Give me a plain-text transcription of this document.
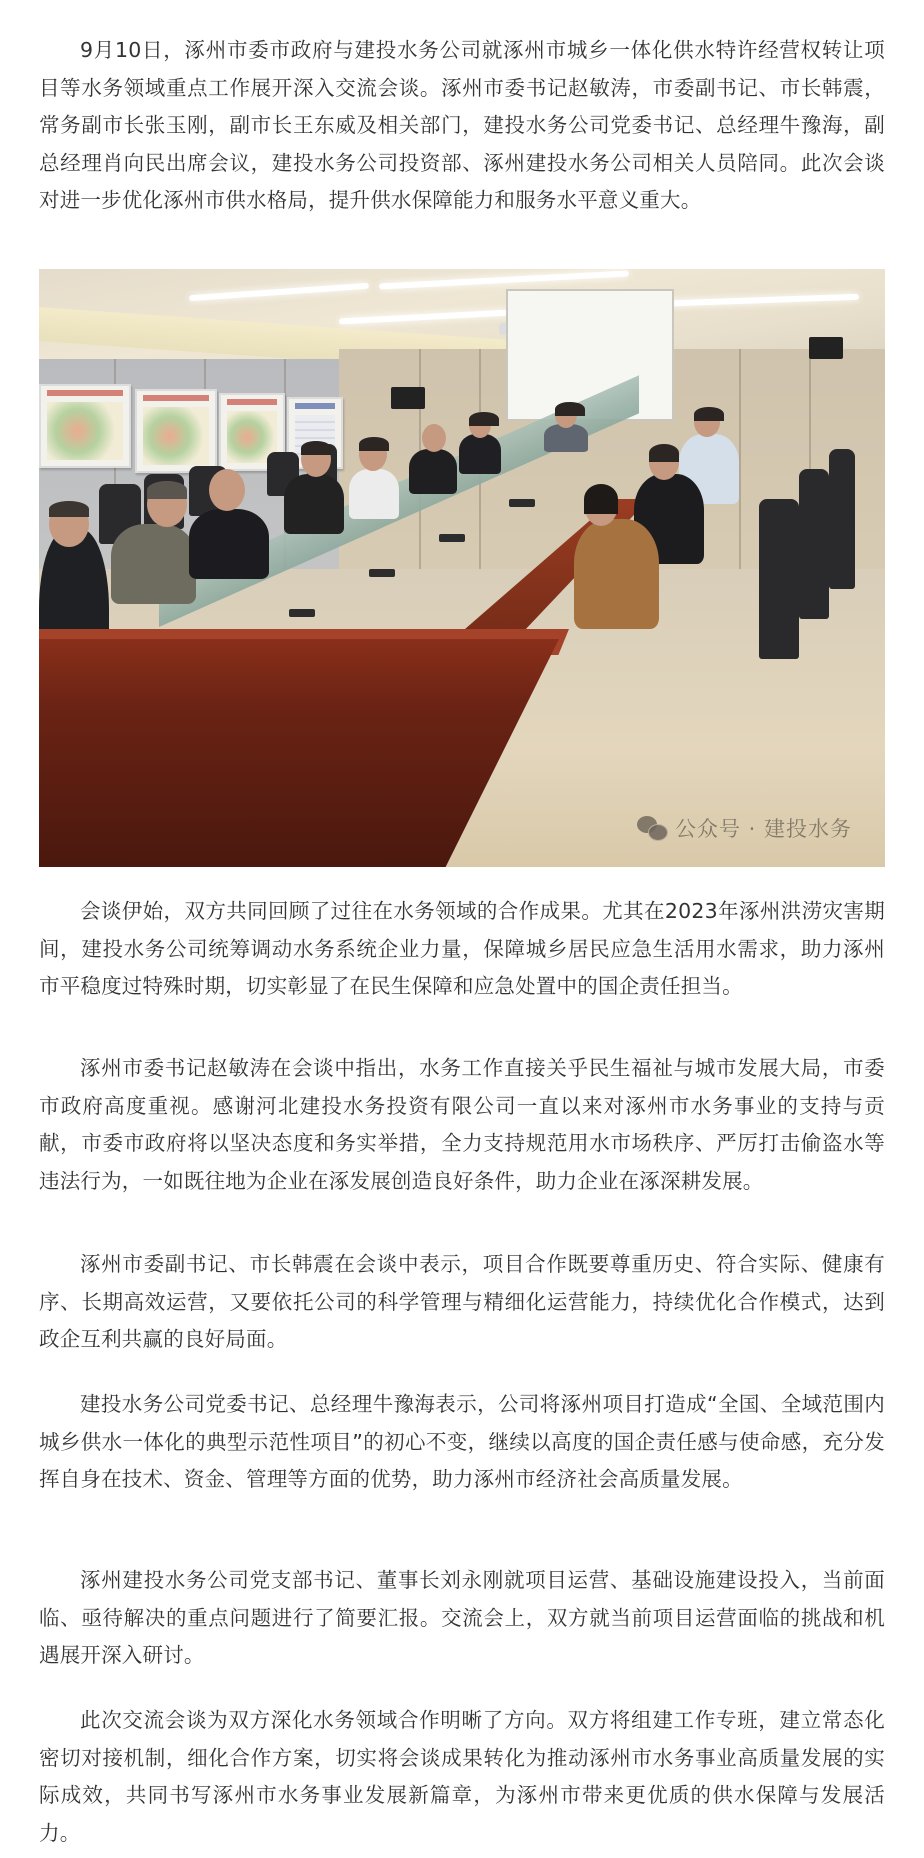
9月10日，涿州市委市政府与建投水务公司就涿州市城乡一体化供水特许经营权转让项目等水务领域重点工作展开深入交流会谈。涿州市委书记赵敏涛，市委副书记、市长韩震，常务副市长张玉刚，副市长王东威及相关部门，建投水务公司党委书记、总经理牛豫海，副总经理肖向民出席会议，建投水务公司投资部、涿州建投水务公司相关人员陪同。此次会谈对进一步优化涿州市供水格局，提升供水保障能力和服务水平意义重大。

公众号 · 建投水务

会谈伊始，双方共同回顾了过往在水务领域的合作成果。尤其在2023年涿州洪涝灾害期间，建投水务公司统筹调动水务系统企业力量，保障城乡居民应急生活用水需求，助力涿州市平稳度过特殊时期，切实彰显了在民生保障和应急处置中的国企责任担当。

涿州市委书记赵敏涛在会谈中指出，水务工作直接关乎民生福祉与城市发展大局，市委市政府高度重视。感谢河北建投水务投资有限公司一直以来对涿州市水务事业的支持与贡献，市委市政府将以坚决态度和务实举措，全力支持规范用水市场秩序、严厉打击偷盗水等违法行为，一如既往地为企业在涿发展创造良好条件，助力企业在涿深耕发展。

涿州市委副书记、市长韩震在会谈中表示，项目合作既要尊重历史、符合实际、健康有序、长期高效运营，又要依托公司的科学管理与精细化运营能力，持续优化合作模式，达到政企互利共赢的良好局面。

建投水务公司党委书记、总经理牛豫海表示，公司将涿州项目打造成“全国、全域范围内城乡供水一体化的典型示范性项目”的初心不变，继续以高度的国企责任感与使命感，充分发挥自身在技术、资金、管理等方面的优势，助力涿州市经济社会高质量发展。

涿州建投水务公司党支部书记、董事长刘永刚就项目运营、基础设施建设投入，当前面临、亟待解决的重点问题进行了简要汇报。交流会上，双方就当前项目运营面临的挑战和机遇展开深入研讨。

此次交流会谈为双方深化水务领域合作明晰了方向。双方将组建工作专班，建立常态化密切对接机制，细化合作方案，切实将会谈成果转化为推动涿州市水务事业高质量发展的实际成效，共同书写涿州市水务事业发展新篇章，为涿州市带来更优质的供水保障与发展活力。
